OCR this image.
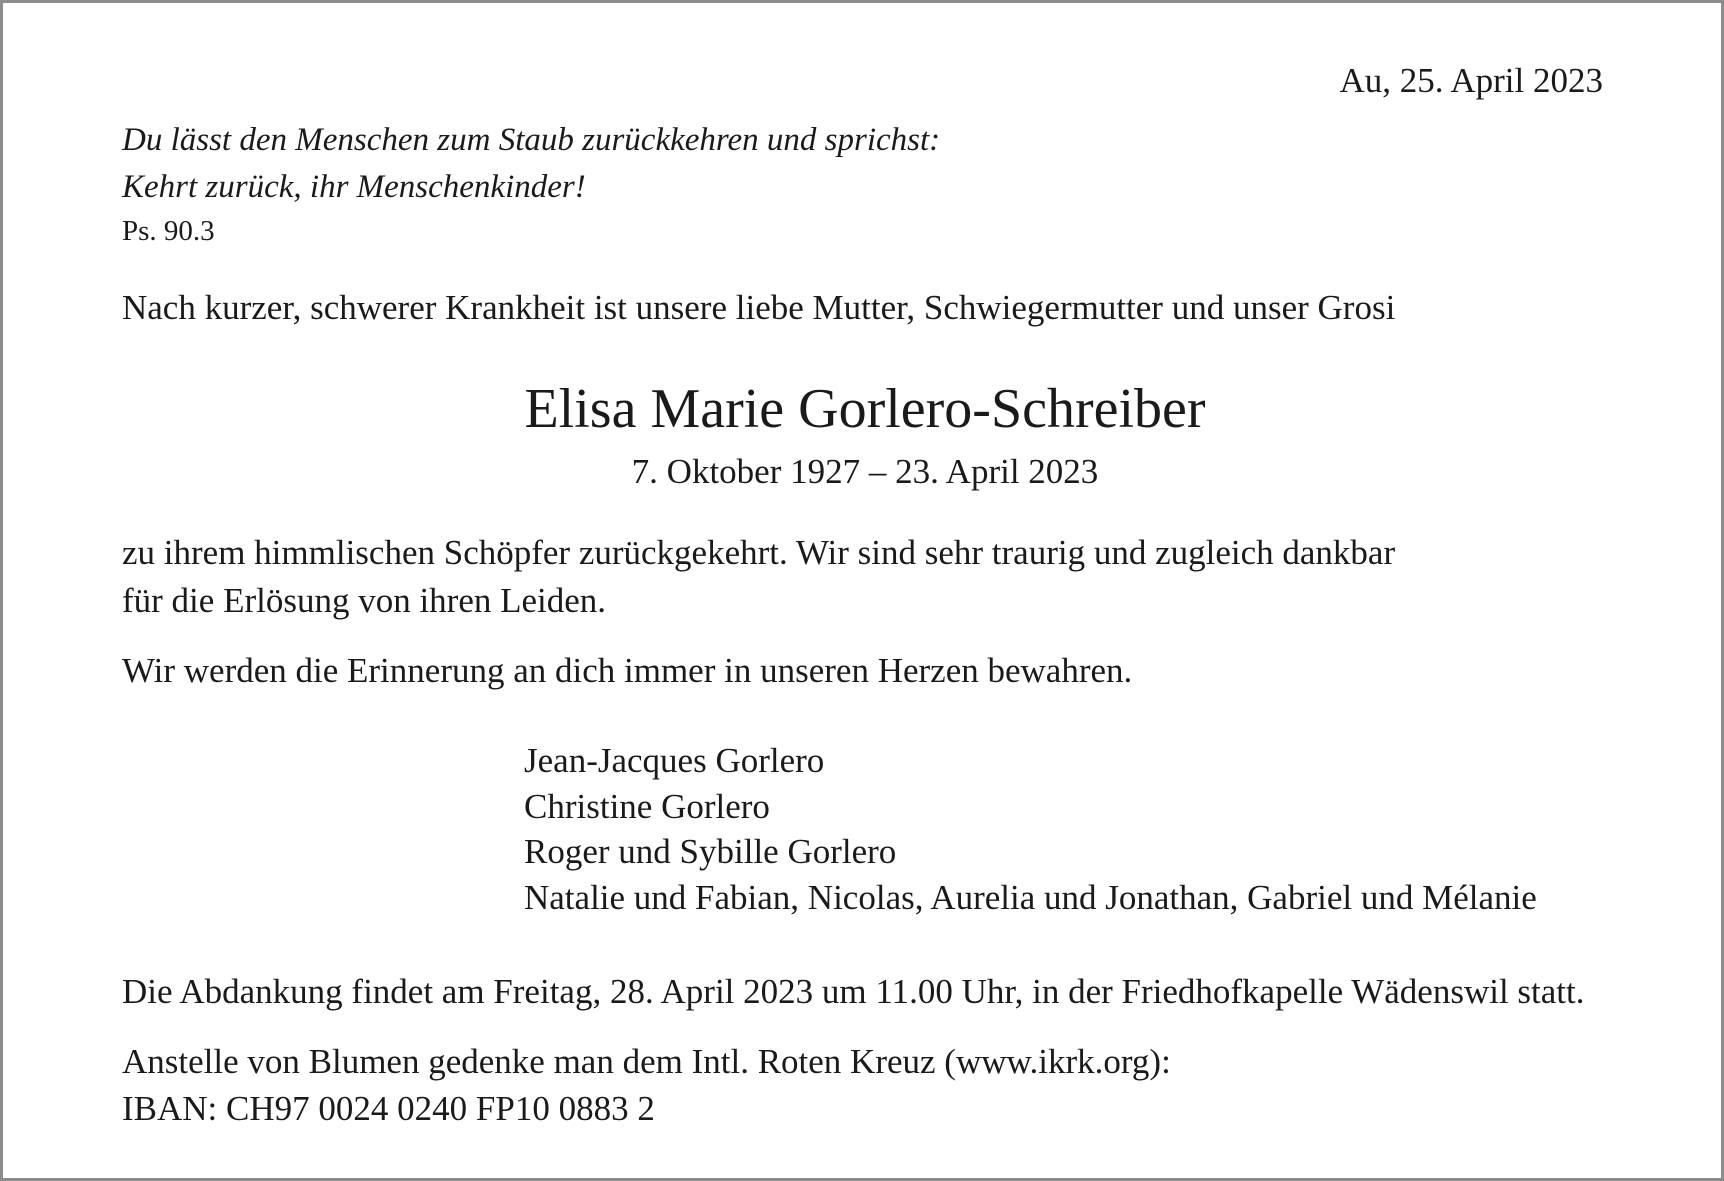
Au, 25. April 2023
Du lässt den Menschen zum Staub zurückkehren und sprichst:
Kehrt zurück, ihr Menschenkinder!
Ps. 90.3
Nach kurzer, schwerer Krankheit ist unsere liebe Mutter, Schwiegermutter und unser Grosi
Elisa Marie Gorlero-Schreiber
7. Oktober 1927 – 23. April 2023
zu ihrem himmlischen Schöpfer zurückgekehrt. Wir sind sehr traurig und zugleich dankbar
für die Erlösung von ihren Leiden.
Wir werden die Erinnerung an dich immer in unseren Herzen bewahren.
Jean-Jacques Gorlero
Christine Gorlero
Roger und Sybille Gorlero
Natalie und Fabian, Nicolas, Aurelia und Jonathan, Gabriel und Mélanie
Die Abdankung findet am Freitag, 28. April 2023 um 11.00 Uhr, in der Friedhofkapelle Wädenswil statt.
Anstelle von Blumen gedenke man dem Intl. Roten Kreuz (www.ikrk.org):
IBAN: CH97 0024 0240 FP10 0883 2
